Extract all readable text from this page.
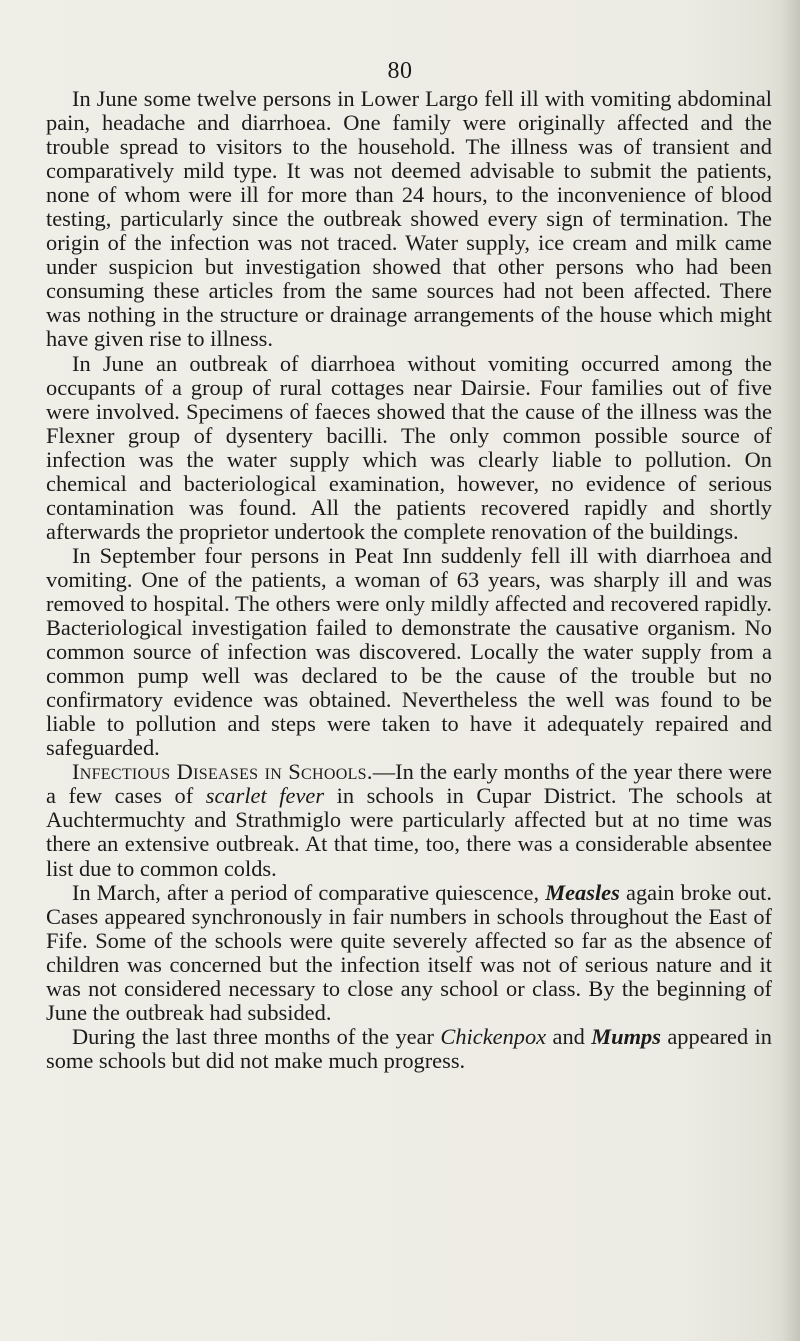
80

In June some twelve persons in Lower Largo fell ill with vomiting abdominal pain, headache and diarrhoea. One family were originally affected and the trouble spread to visitors to the household. The illness was of transient and comparatively mild type. It was not deemed advisable to submit the patients, none of whom were ill for more than 24 hours, to the inconvenience of blood testing, particularly since the outbreak showed every sign of termination. The origin of the infection was not traced. Water supply, ice cream and milk came under suspicion but investigation showed that other persons who had been consuming these articles from the same sources had not been affected. There was nothing in the structure or drainage arrangements of the house which might have given rise to illness.

In June an outbreak of diarrhoea without vomiting occurred among the occupants of a group of rural cottages near Dairsie. Four families out of five were involved. Specimens of faeces showed that the cause of the illness was the Flexner group of dysentery bacilli. The only common possible source of infection was the water supply which was clearly liable to pollution. On chemical and bacteriological examination, however, no evidence of serious contamination was found. All the patients recovered rapidly and shortly afterwards the proprietor undertook the complete renovation of the buildings.

In September four persons in Peat Inn suddenly fell ill with diarrhoea and vomiting. One of the patients, a woman of 63 years, was sharply ill and was removed to hospital. The others were only mildly affected and recovered rapidly. Bacteriological investigation failed to demonstrate the causative organism. No common source of infection was discovered. Locally the water supply from a common pump well was declared to be the cause of the trouble but no confirmatory evidence was obtained. Nevertheless the well was found to be liable to pollution and steps were taken to have it adequately repaired and safeguarded.

Infectious Diseases in Schools.—In the early months of the year there were a few cases of scarlet fever in schools in Cupar District. The schools at Auchtermuchty and Strathmiglo were particularly affected but at no time was there an extensive outbreak. At that time, too, there was a considerable absentee list due to common colds.

In March, after a period of comparative quiescence, Measles again broke out. Cases appeared synchronously in fair numbers in schools throughout the East of Fife. Some of the schools were quite severely affected so far as the absence of children was concerned but the infection itself was not of serious nature and it was not considered necessary to close any school or class. By the beginning of June the outbreak had subsided.

During the last three months of the year Chickenpox and Mumps appeared in some schools but did not make much progress.
